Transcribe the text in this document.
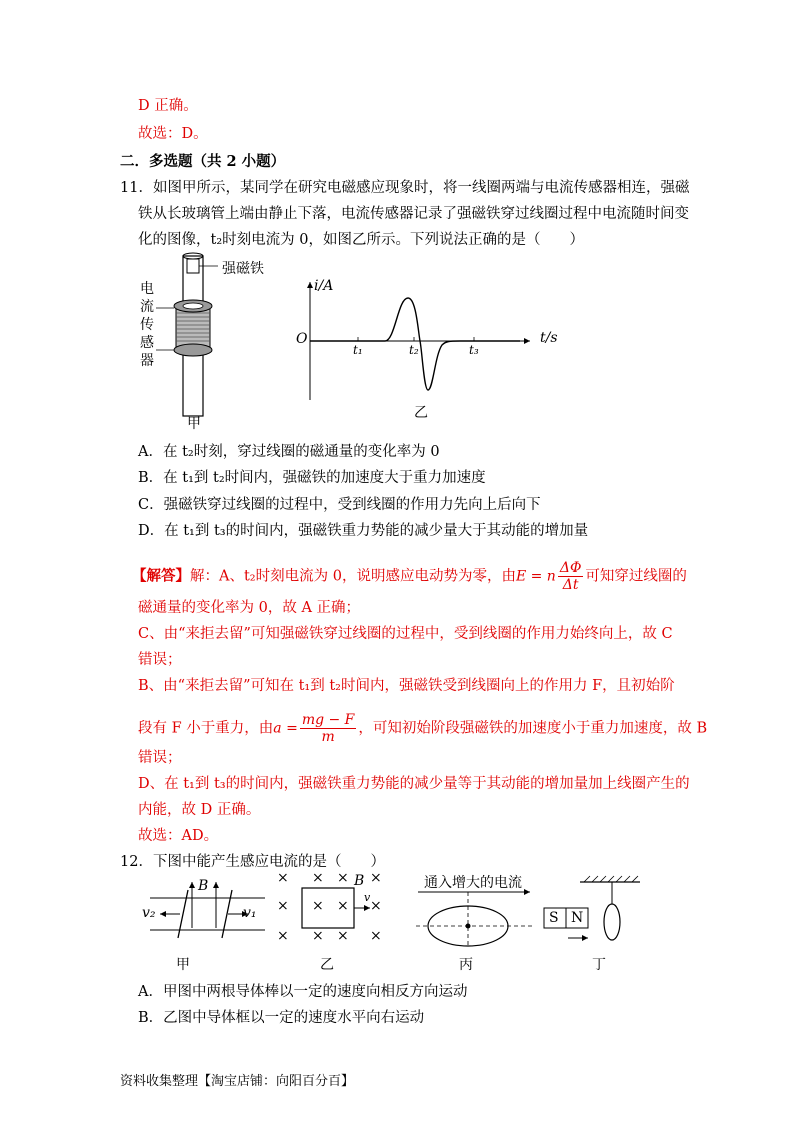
D 正确。
故选：D。
二．多选题（共 2 小题）
11．如图甲所示，某同学在研究电磁感应现象时，将一线圈两端与电流传感器相连，强磁
铁从长玻璃管上端由静止下落，电流传感器记录了强磁铁穿过线圈过程中电流随时间变
化的图像，t₂时刻电流为 0，如图乙所示。下列说法正确的是（　　）
强磁铁
电
流
传
感
器
甲
i/A
t/s
O
t₁	t₂	t₃
乙
A．在 t₂时刻，穿过线圈的磁通量的变化率为 0
B．在 t₁到 t₂时间内，强磁铁的加速度大于重力加速度
C．强磁铁穿过线圈的过程中，受到线圈的作用力先向上后向下
D．在 t₁到 t₃的时间内，强磁铁重力势能的减少量大于其动能的增加量
【解答】解：A、t₂时刻电流为 0，说明感应电动势为零，由E = n $\frac{\Delta\Phi}{\Delta t}$ 可知穿过线圈的
磁通量的变化率为 0，故 A 正确；
C、由“来拒去留”可知强磁铁穿过线圈的过程中，受到线圈的作用力始终向上，故 C
错误；
B、由“来拒去留”可知在 t₁到 t₂时间内，强磁铁受到线圈向上的作用力 F，且初始阶
段有 F 小于重力，由$a = \frac{mg - F}{m}$ ，可知初始阶段强磁铁的加速度小于重力加速度，故 B
错误；
D、在 t₁到 t₃的时间内，强磁铁重力势能的减少量等于其动能的增加量加上线圈产生的
内能，故 D 正确。
故选：AD。
12．下图中能产生感应电流的是（　　）
B
v₂	v₁
甲
× × × ×
× × × ×
× × × ×
B
v
乙
通入增大的电流
丙
S N
丁
A．甲图中两根导体棒以一定的速度向相反方向运动
B．乙图中导体框以一定的速度水平向右运动
资料收集整理【淘宝店铺：向阳百分百】
